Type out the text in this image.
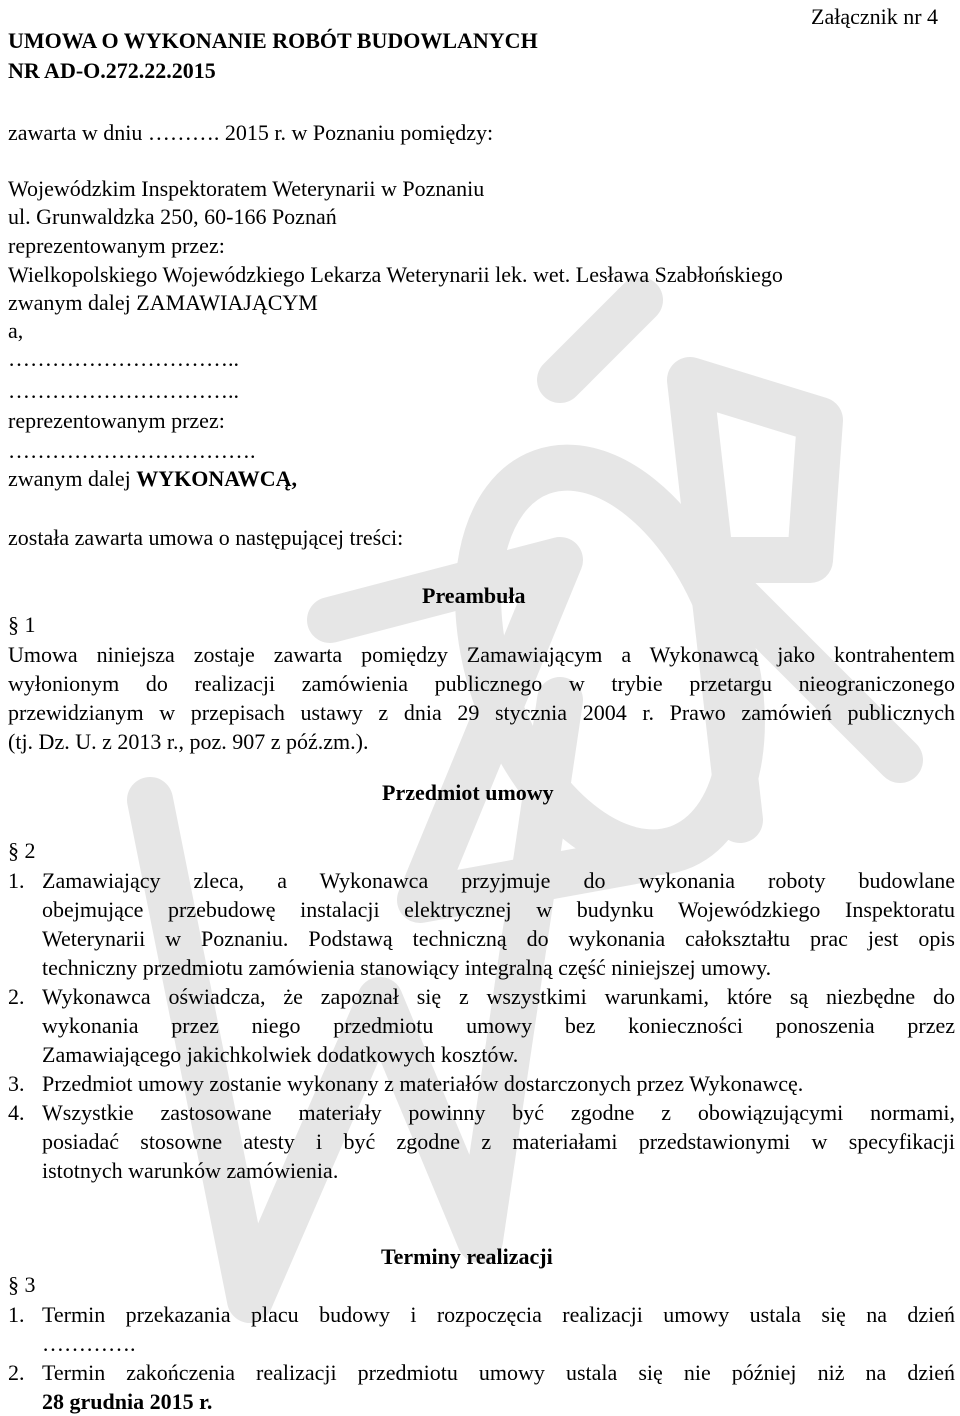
Załącznik nr 4
UMOWA O WYKONANIE ROBÓT BUDOWLANYCH
NR AD-O.272.22.2015
zawarta w dniu ………. 2015 r. w Poznaniu pomiędzy:
Wojewódzkim Inspektoratem Weterynarii w Poznaniu
ul. Grunwaldzka 250, 60-166 Poznań
reprezentowanym przez:
Wielkopolskiego Wojewódzkiego Lekarza Weterynarii lek. wet. Lesława Szabłońskiego
zwanym dalej ZAMAWIAJĄCYM
a,
…………………………..
…………………………..
reprezentowanym przez:
…………………………….
zwanym dalej WYKONAWCĄ,
została zawarta umowa o następującej treści:
Preambuła
§ 1
Umowa niniejsza zostaje zawarta pomiędzy Zamawiającym a Wykonawcą jako kontrahentem
wyłonionym do realizacji zamówienia publicznego w trybie przetargu nieograniczonego
przewidzianym w przepisach ustawy z dnia 29 stycznia 2004 r. Prawo zamówień publicznych
(tj. Dz. U. z 2013 r., poz. 907 z póź.zm.).
Przedmiot umowy
§ 2
1. Zamawiający zleca, a Wykonawca przyjmuje do wykonania roboty budowlane
obejmujące przebudowę instalacji elektrycznej w budynku Wojewódzkiego Inspektoratu
Weterynarii w Poznaniu. Podstawą techniczną do wykonania całokształtu prac jest opis
techniczny przedmiotu zamówienia stanowiący integralną część niniejszej umowy.
2. Wykonawca oświadcza, że zapoznał się z wszystkimi warunkami, które są niezbędne do
wykonania przez niego przedmiotu umowy bez konieczności ponoszenia przez
Zamawiającego jakichkolwiek dodatkowych kosztów.
3. Przedmiot umowy zostanie wykonany z materiałów dostarczonych przez Wykonawcę.
4. Wszystkie zastosowane materiały powinny być zgodne z obowiązującymi normami,
posiadać stosowne atesty i być zgodne z materiałami przedstawionymi w specyfikacji
istotnych warunków zamówienia.
Terminy realizacji
§ 3
1. Termin przekazania placu budowy i rozpoczęcia realizacji umowy ustala się na dzień
………….
2. Termin zakończenia realizacji przedmiotu umowy ustala się nie później niż na dzień
28 grudnia 2015 r.
